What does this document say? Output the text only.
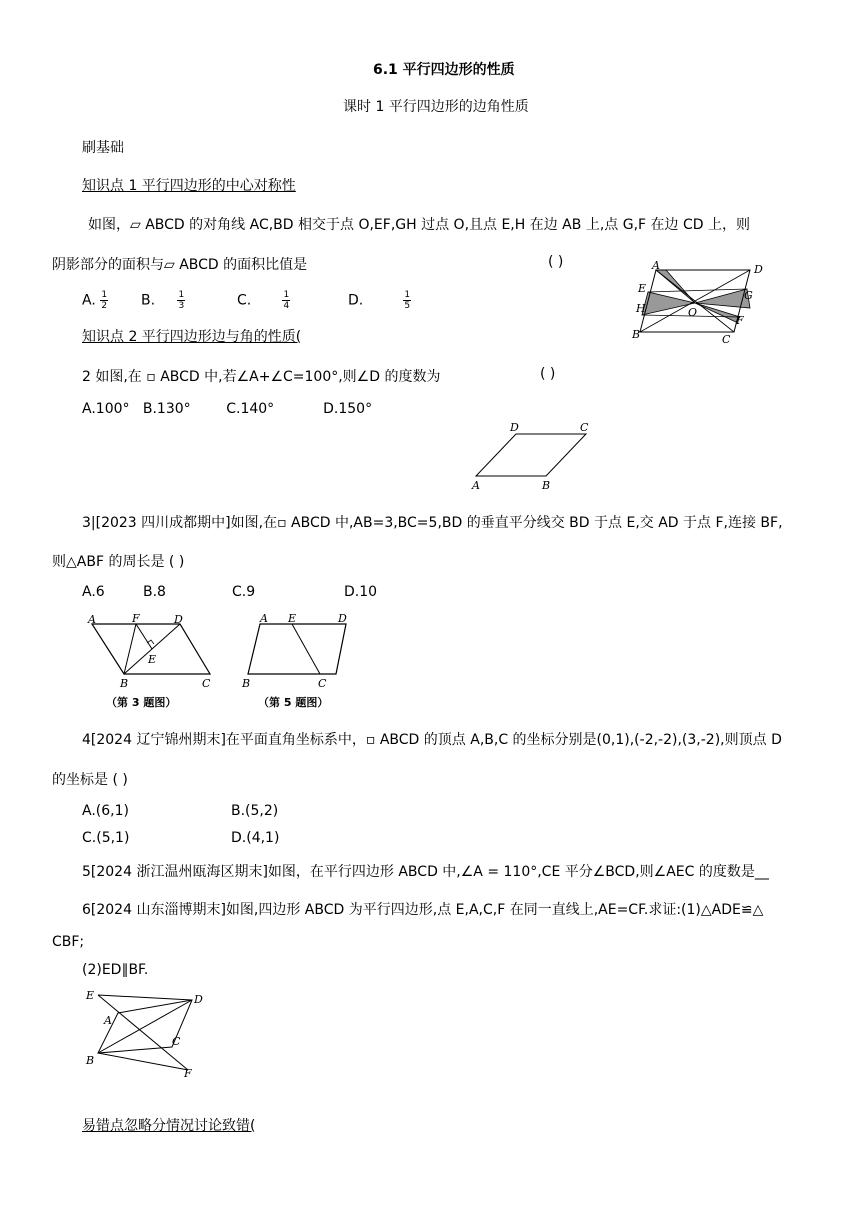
6.1 平行四边形的性质
课时 1 平行四边形的边角性质
刷基础
知识点 1 平行四边形的中心对称性
如图，▱ ABCD 的对角线 AC,BD 相交于点 O,EF,GH 过点 O,且点 E,H 在边 AB 上,点 G,F 在边 CD 上，则
阴影部分的面积与▱ ABCD 的面积比值是	( )
A. $\frac{1}{2} B$. $\frac{1}{3}$	C.	$\frac{1}{4}$	D.	$\frac{1}{5}$
A	D
B	C
E
H
G
F
O
知识点 2 平行四边形边与角的性质(
2 如图,在 ▫ ABCD 中,若∠A+∠C=100°,则∠D 的度数为	( )
A.100°   B.130°        C.140°           D.150°
D	C
A	B
3|[2023 四川成都期中]如图,在▫ ABCD 中,AB=3,BC=5,BD 的垂直平分线交 BD 于点 E,交 AD 于点 F,连接 BF,
则△ABF 的周长是 ( )
A.6	B.8	C.9	D.10
A	F	D
E
B	C
（第 3 题图）
A E	D
B	C
（第 5 题图）
4[2024 辽宁锦州期末]在平面直角坐标系中，▫ ABCD 的顶点 A,B,C 的坐标分别是(0,1),(-2,-2),(3,-2),则顶点 D
的坐标是 ( )
A.(6,1)	B.(5,2)
C.(5,1)	D.(4,1)
5[2024 浙江温州瓯海区期末]如图，在平行四边形 ABCD 中,∠A = 110°,CE 平分∠BCD,则∠AEC 的度数是__
6[2024 山东淄博期末]如图,四边形 ABCD 为平行四边形,点 E,A,C,F 在同一直线上,AE=CF.求证:(1)△ADE≌△
CBF;
(2)ED∥BF.
E	D
A
C
B
F
易错点忽略分情况讨论致错(
